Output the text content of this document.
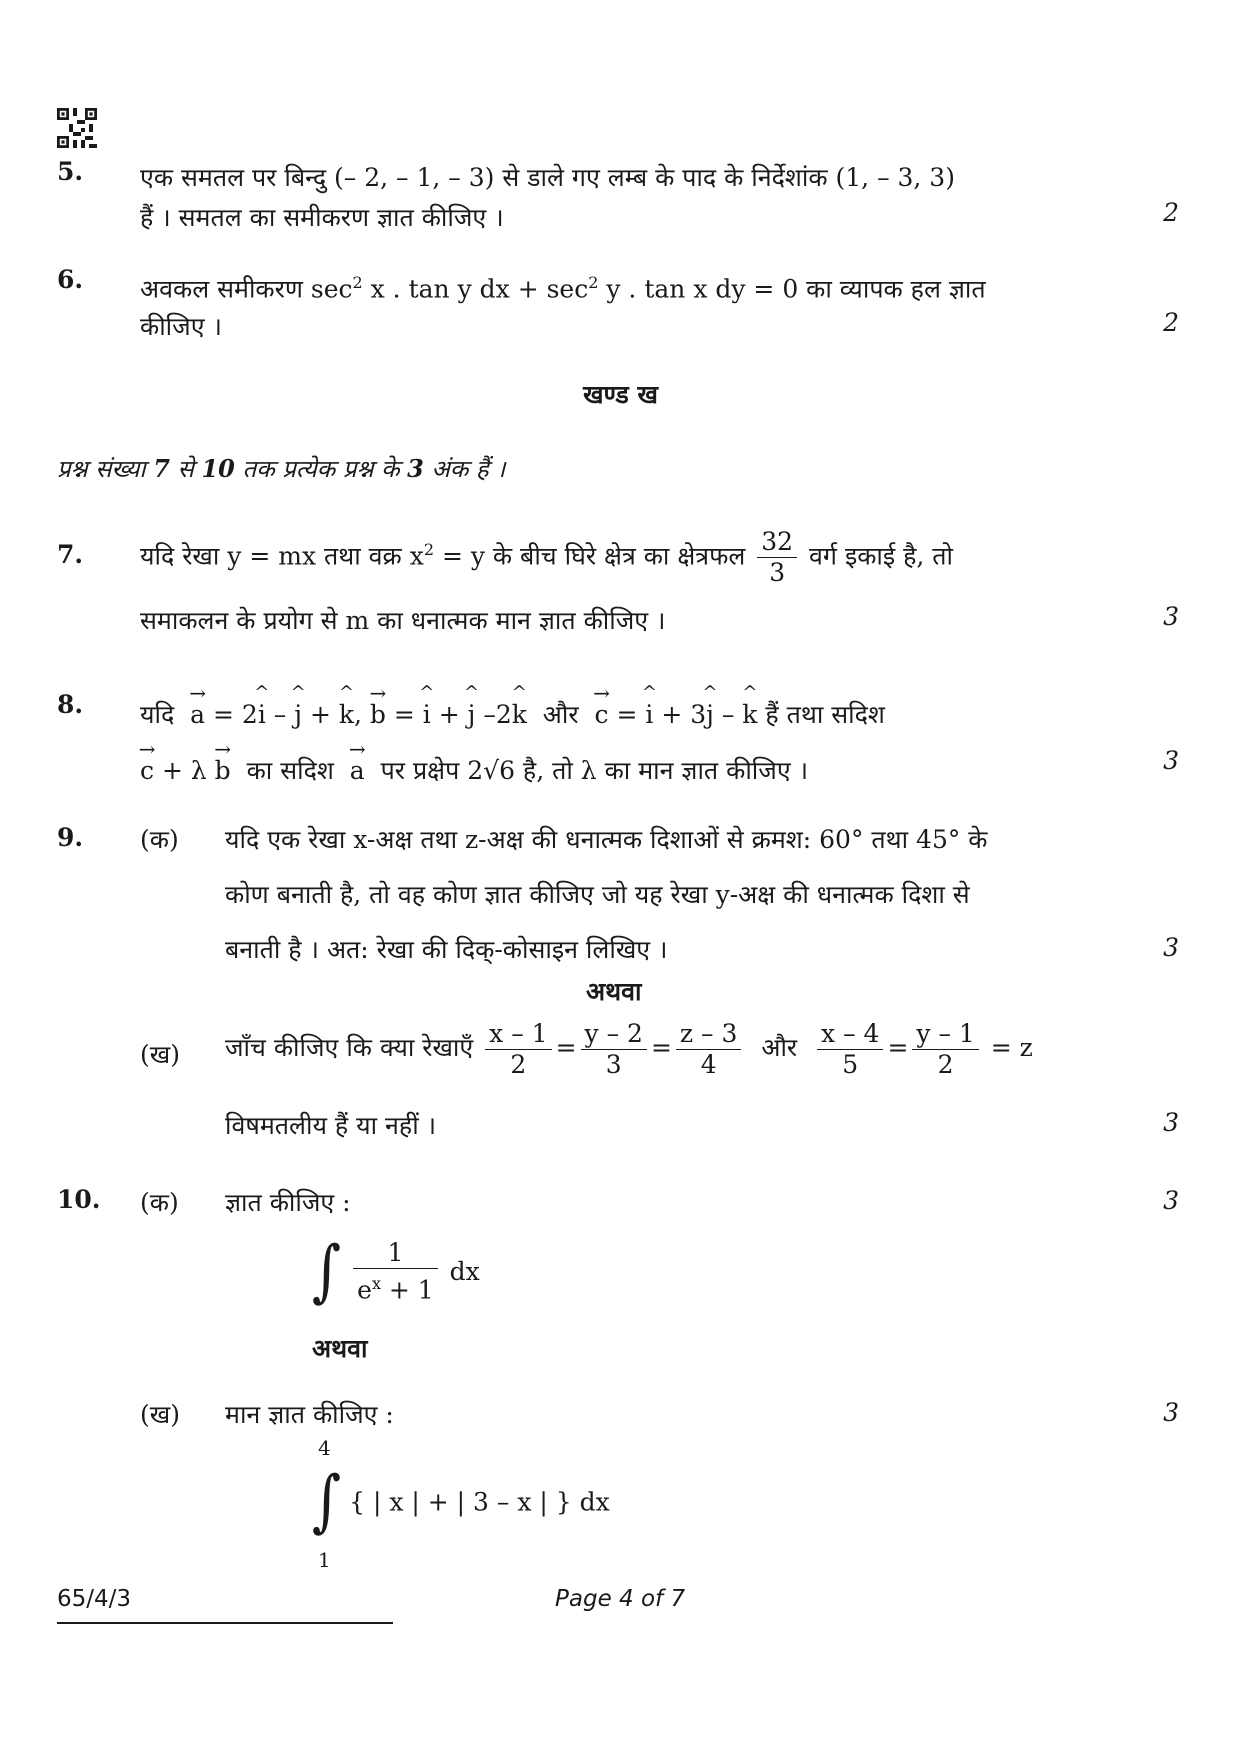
5. एक समतल पर बिन्दु (– 2, – 1, – 3) से डाले गए लम्ब के पाद के निर्देशांक (1, – 3, 3)
हैं । समतल का समीकरण ज्ञात कीजिए ।	2
6. अवकल समीकरण $\sec^2 x$ . tan y dx + $\sec^2 y$ . tan x dy = 0 का व्यापक हल ज्ञात
कीजिए ।	2
खण्ड ख
प्रश्न संख्या 7 से 10 तक प्रत्येक प्रश्न के 3 अंक हैं ।
7. यदि रेखा y = mx तथा वक्र $x^2 = y$ के बीच घिरे क्षेत्र का क्षेत्रफल $\frac{32}{3}$ वर्ग इकाई है, तो
समाकलन के प्रयोग से m का धनात्मक मान ज्ञात कीजिए ।	3
8. यदि → a = 2^ i – ^ j + ^ k, → b = ^ i + ^ j –2^ k और → c = ^ i + 3^ j – ^ k हैं तथा सदिश
→ c + λ → b का सदिश → a पर प्रक्षेप 2√6 है, तो λ का मान ज्ञात कीजिए ।	3
9. (क) यदि एक रेखा x-अक्ष तथा z-अक्ष की धनात्मक दिशाओं से क्रमश: 60° तथा 45° के
कोण बनाती है, तो वह कोण ज्ञात कीजिए जो यह रेखा y-अक्ष की धनात्मक दिशा से
बनाती है । अत: रेखा की दिक्-कोसाइन लिखिए ।	3
अथवा
(ख) जाँच कीजिए कि क्या रेखाएँ $\frac{x - 1}{2} = \frac{y - 2}{3} = \frac{z - 3}{4}$ और $\frac{x - 4}{5} = \frac{y - 1}{2} = z$
विषमतलीय हैं या नहीं ।	3
10. (क) ज्ञात कीजिए :	3
∫ $\frac{1}{e^x + 1}$ dx
अथवा
(ख) मान ज्ञात कीजिए :	3
4
∫ { | x | + | 3 – x | } dx
1
65/4/3	Page 4 of 7
